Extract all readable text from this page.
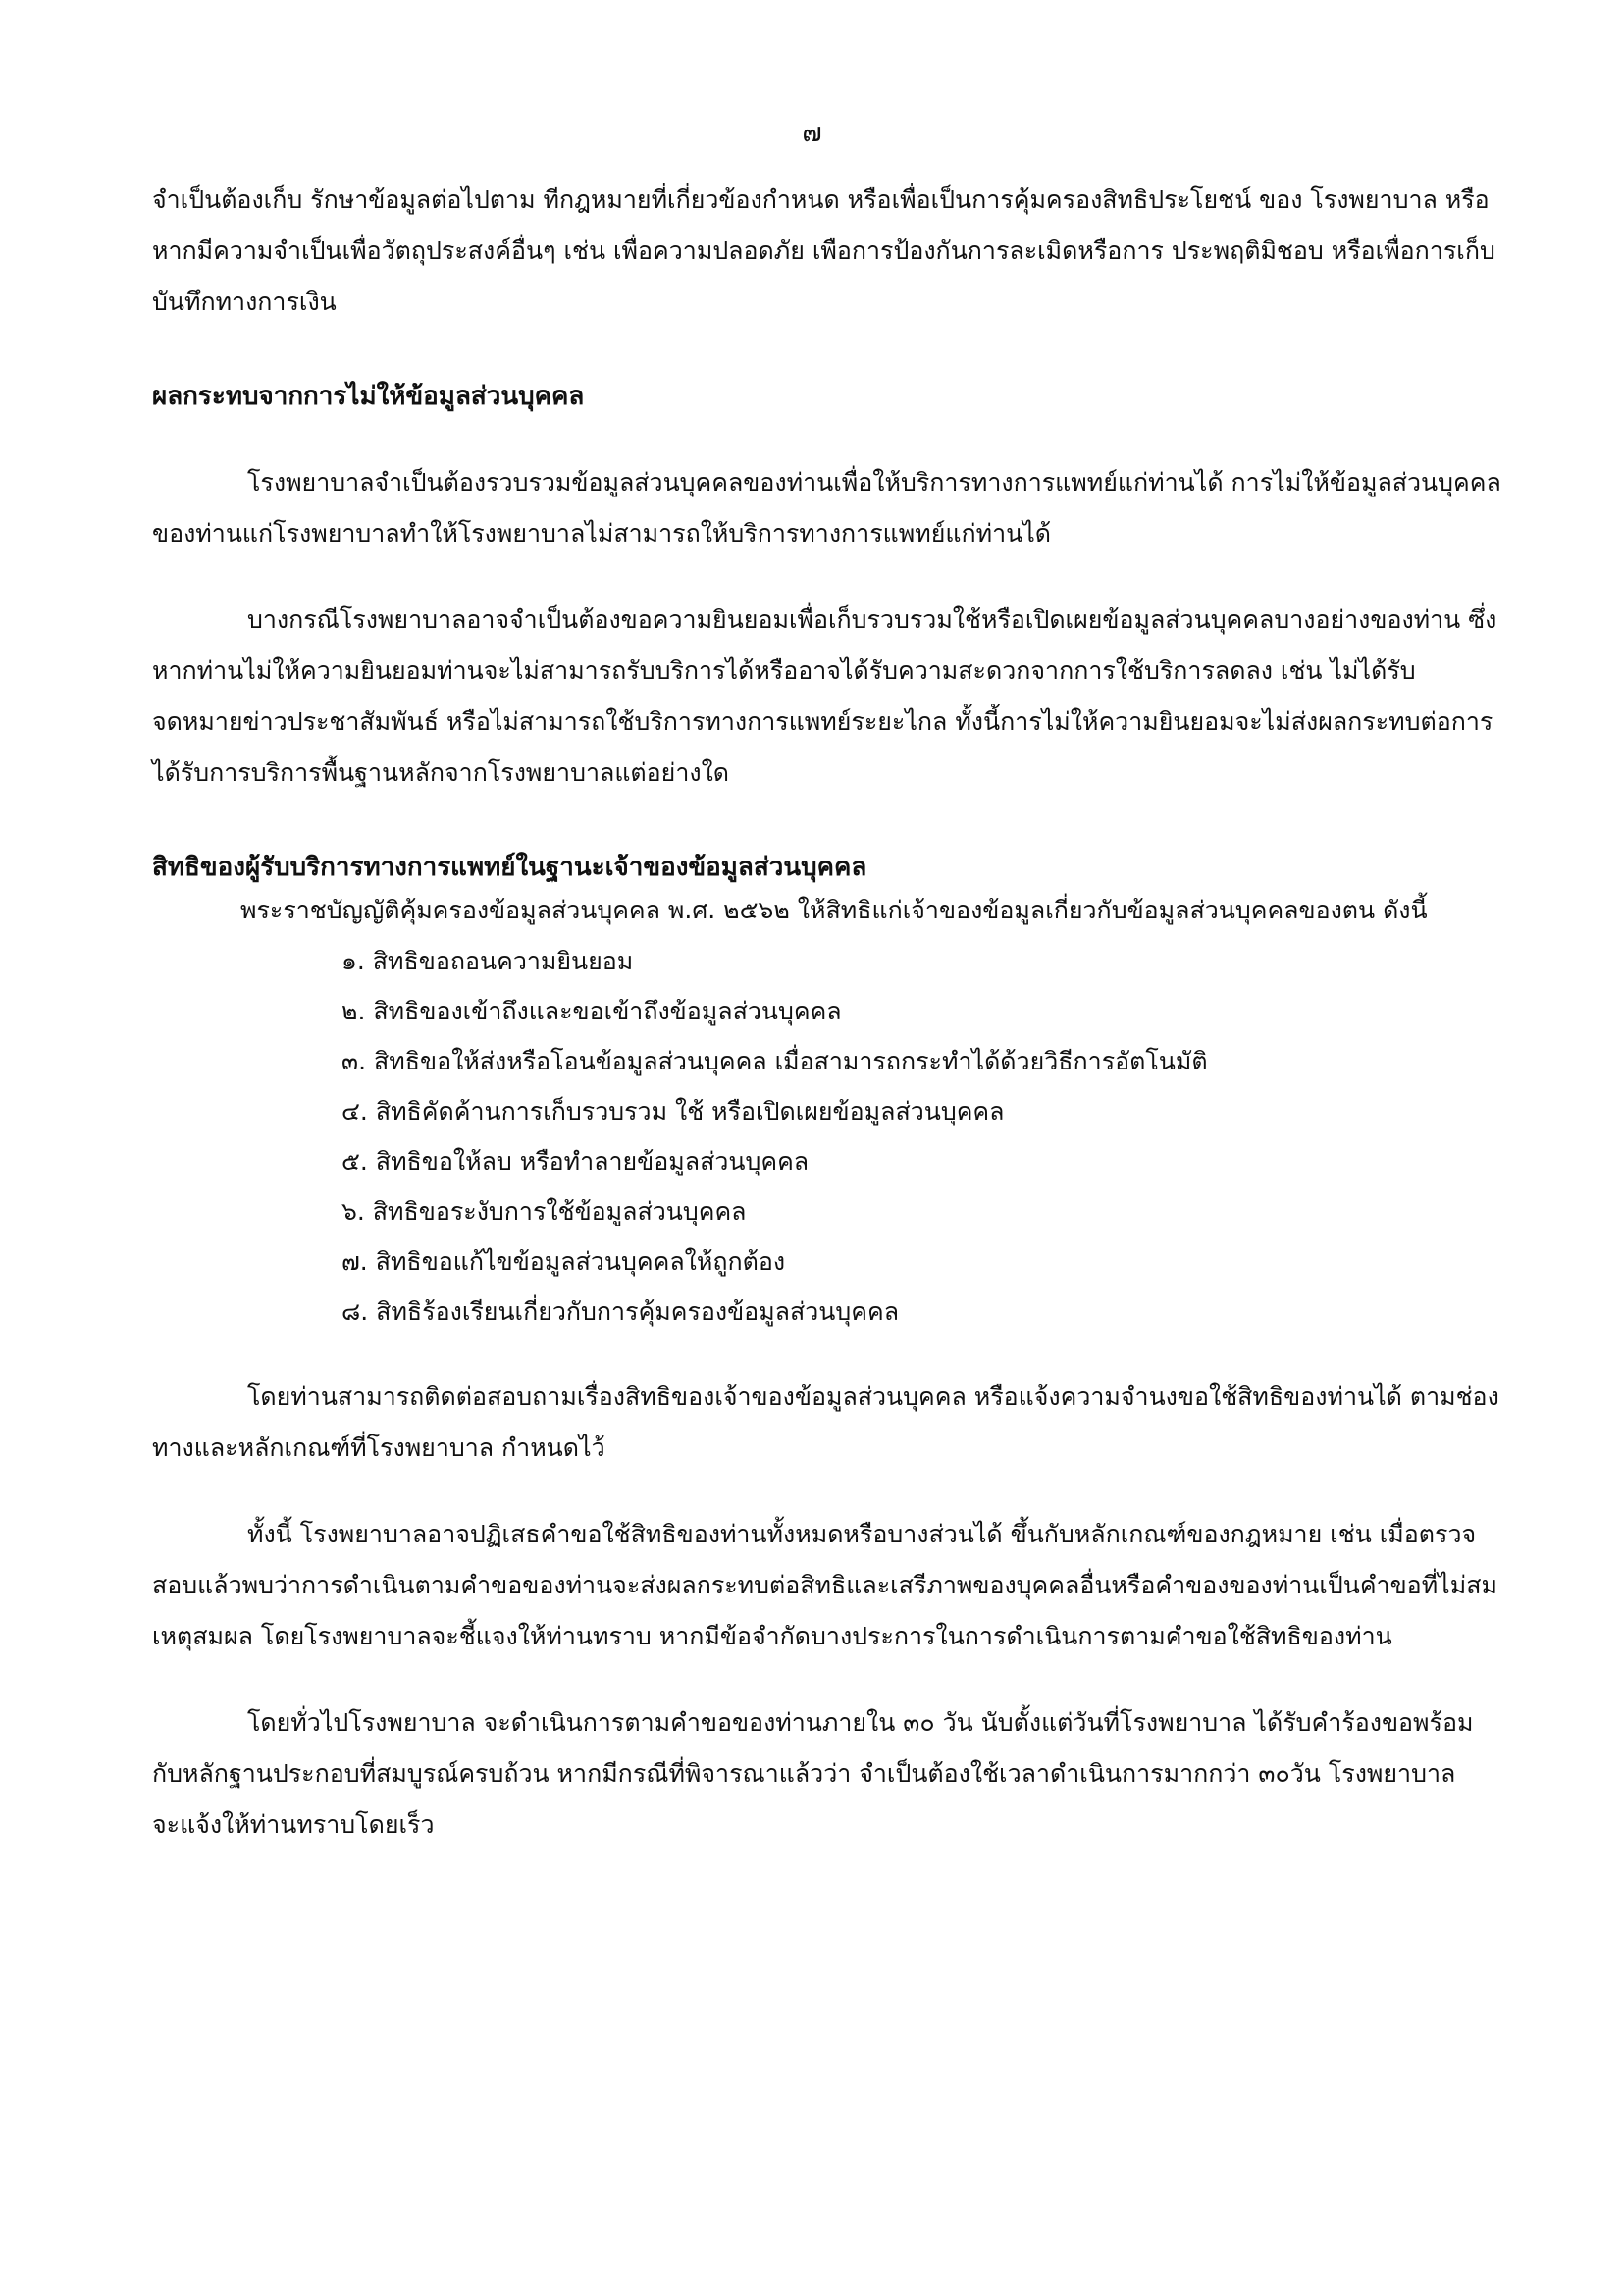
๗

จำเป็นต้องเก็บ รักษาข้อมูลต่อไปตาม ทีกฎหมายที่เกี่ยวข้องกำหนด หรือเพื่อเป็นการคุ้มครองสิทธิประโยชน์ ของ โรงพยาบาล หรือหากมีความจำเป็นเพื่อวัตถุประสงค์อื่นๆ เช่น เพื่อความปลอดภัย เพือการป้องกันการละเมิดหรือการ ประพฤติมิชอบ หรือเพื่อการเก็บบันทึกทางการเงิน

ผลกระทบจากการไม่ให้ข้อมูลส่วนบุคคล

โรงพยาบาลจำเป็นต้องรวบรวมข้อมูลส่วนบุคคลของท่านเพื่อให้บริการทางการแพทย์แก่ท่านได้ การไม่ให้ข้อมูลส่วนบุคคลของท่านแก่โรงพยาบาลทำให้โรงพยาบาลไม่สามารถให้บริการทางการแพทย์แก่ท่านได้

บางกรณีโรงพยาบาลอาจจำเป็นต้องขอความยินยอมเพื่อเก็บรวบรวมใช้หรือเปิดเผยข้อมูลส่วนบุคคลบางอย่างของท่าน ซึ่งหากท่านไม่ให้ความยินยอมท่านจะไม่สามารถรับบริการได้หรืออาจได้รับความสะดวกจากการใช้บริการลดลง เช่น ไม่ได้รับจดหมายข่าวประชาสัมพันธ์ หรือไม่สามารถใช้บริการทางการแพทย์ระยะไกล ทั้งนี้การไม่ให้ความยินยอมจะไม่ส่งผลกระทบต่อการได้รับการบริการพื้นฐานหลักจากโรงพยาบาลแต่อย่างใด

สิทธิของผู้รับบริการทางการแพทย์ในฐานะเจ้าของข้อมูลส่วนบุคคล

พระราชบัญญัติคุ้มครองข้อมูลส่วนบุคคล พ.ศ. ๒๕๖๒ ให้สิทธิแก่เจ้าของข้อมูลเกี่ยวกับข้อมูลส่วนบุคคลของตน ดังนี้

๑. สิทธิขอถอนความยินยอม
๒. สิทธิของเข้าถึงและขอเข้าถึงข้อมูลส่วนบุคคล
๓. สิทธิขอให้ส่งหรือโอนข้อมูลส่วนบุคคล เมื่อสามารถกระทำได้ด้วยวิธีการอัตโนมัติ
๔. สิทธิคัดค้านการเก็บรวบรวม ใช้ หรือเปิดเผยข้อมูลส่วนบุคคล
๕. สิทธิขอให้ลบ หรือทำลายข้อมูลส่วนบุคคล
๖. สิทธิขอระงับการใช้ข้อมูลส่วนบุคคล
๗. สิทธิขอแก้ไขข้อมูลส่วนบุคคลให้ถูกต้อง
๘. สิทธิร้องเรียนเกี่ยวกับการคุ้มครองข้อมูลส่วนบุคคล

โดยท่านสามารถติดต่อสอบถามเรื่องสิทธิของเจ้าของข้อมูลส่วนบุคคล หรือแจ้งความจำนงขอใช้สิทธิของท่านได้ ตามช่องทางและหลักเกณฑ์ที่โรงพยาบาล กำหนดไว้

ทั้งนี้ โรงพยาบาลอาจปฏิเสธคำขอใช้สิทธิของท่านทั้งหมดหรือบางส่วนได้ ขึ้นกับหลักเกณฑ์ของกฎหมาย เช่น เมื่อตรวจสอบแล้วพบว่าการดำเนินตามคำขอของท่านจะส่งผลกระทบต่อสิทธิและเสรีภาพของบุคคลอื่นหรือคำของของท่านเป็นคำขอที่ไม่สมเหตุสมผล โดยโรงพยาบาลจะชี้แจงให้ท่านทราบ หากมีข้อจำกัดบางประการในการดำเนินการตามคำขอใช้สิทธิของท่าน

โดยทั่วไปโรงพยาบาล จะดำเนินการตามคำขอของท่านภายใน ๓๐ วัน นับตั้งแต่วันที่โรงพยาบาล ได้รับคำร้องขอพร้อมกับหลักฐานประกอบที่สมบูรณ์ครบถ้วน หากมีกรณีที่พิจารณาแล้วว่า จำเป็นต้องใช้เวลาดำเนินการมากกว่า ๓๐วัน โรงพยาบาลจะแจ้งให้ท่านทราบโดยเร็ว
